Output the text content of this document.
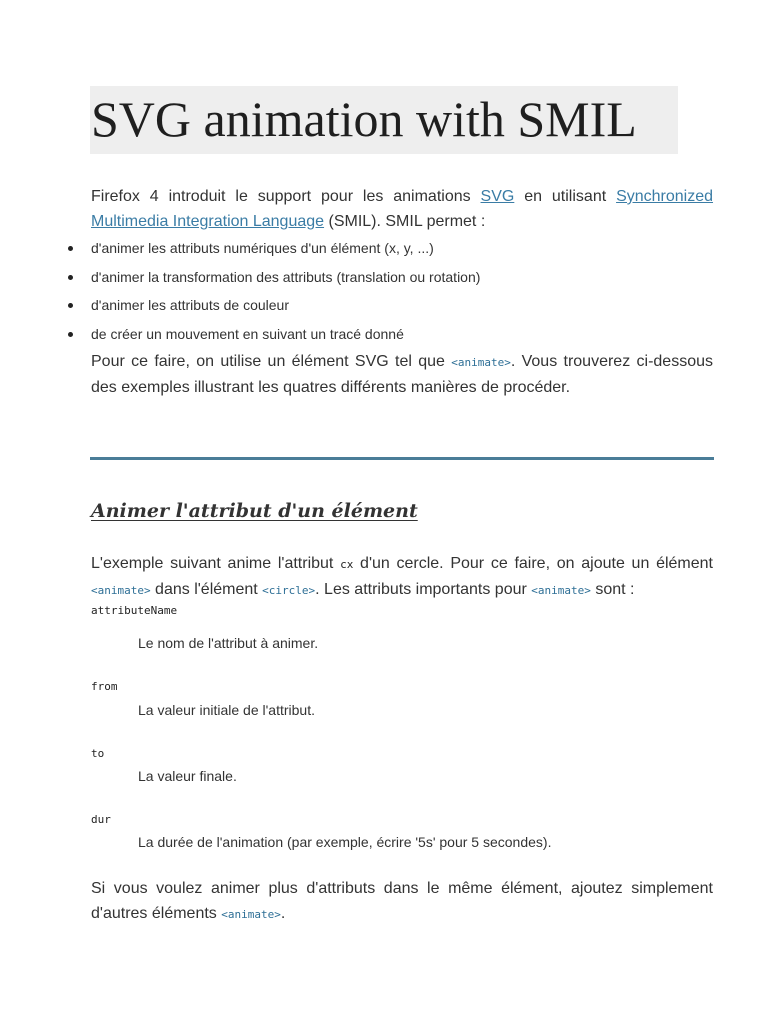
SVG animation with SMIL

Firefox 4 introduit le support pour les animations SVG en utilisant Synchronized Multimedia Integration Language (SMIL). SMIL permet :

d'animer les attributs numériques d'un élément (x, y, ...)
d'animer la transformation des attributs (translation ou rotation)
d'animer les attributs de couleur
de créer un mouvement en suivant un tracé donné

Pour ce faire, on utilise un élément SVG tel que <animate>. Vous trouverez ci-dessous des exemples illustrant les quatres différents manières de procéder.

Animer l'attribut d'un élément

L'exemple suivant anime l'attribut cx d'un cercle. Pour ce faire, on ajoute un élément <animate> dans l'élément <circle>. Les attributs importants pour <animate> sont :

attributeName
Le nom de l'attribut à animer.
from
La valeur initiale de l'attribut.
to
La valeur finale.
dur
La durée de l'animation (par exemple, écrire '5s' pour 5 secondes).

Si vous voulez animer plus d'attributs dans le même élément, ajoutez simplement d'autres éléments <animate>.
